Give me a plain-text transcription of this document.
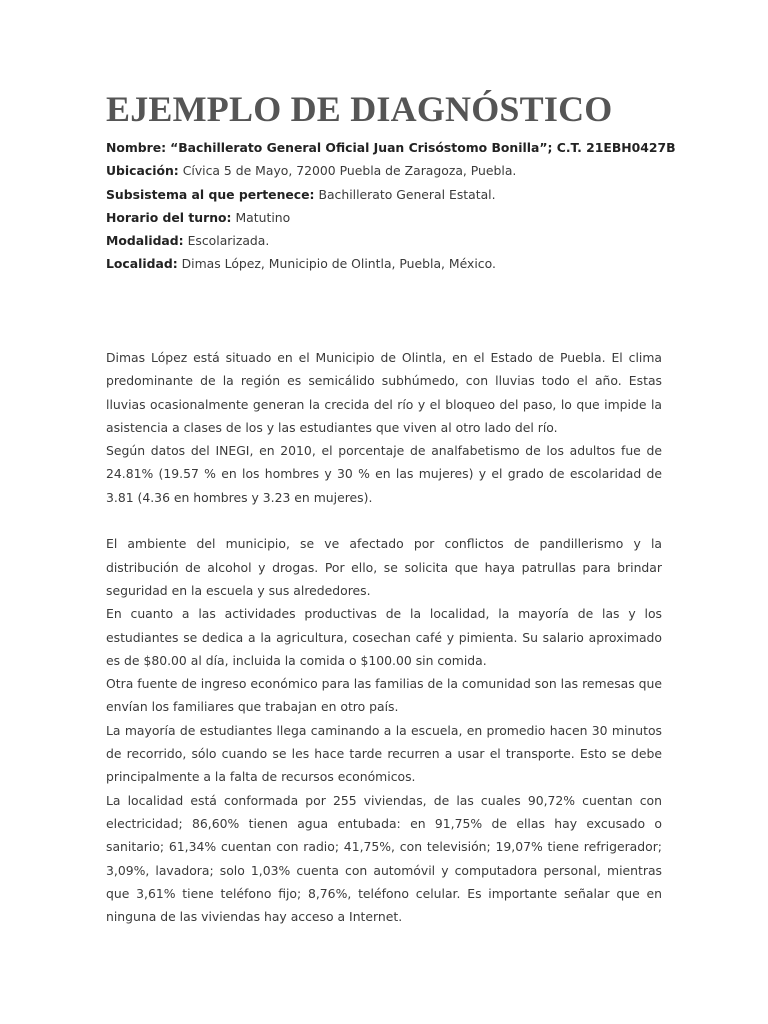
EJEMPLO DE DIAGNÓSTICO

Nombre: “Bachillerato General Oficial Juan Crisóstomo Bonilla”; C.T. 21EBH0427B

Ubicación: Cívica 5 de Mayo, 72000 Puebla de Zaragoza, Puebla.

Subsistema al que pertenece: Bachillerato General Estatal.

Horario del turno: Matutino

Modalidad: Escolarizada.

Localidad: Dimas López, Municipio de Olintla, Puebla, México.

Dimas López está situado en el Municipio de Olintla, en el Estado de Puebla. El clima predominante de la región es semicálido subhúmedo, con lluvias todo el año. Estas lluvias ocasionalmente generan la crecida del río y el bloqueo del paso, lo que impide la asistencia a clases de los y las estudiantes que viven al otro lado del río.

Según datos del INEGI, en 2010, el porcentaje de analfabetismo de los adultos fue de 24.81% (19.57 % en los hombres y 30 % en las mujeres) y el grado de escolaridad de 3.81 (4.36 en hombres y 3.23 en mujeres).

El ambiente del municipio, se ve afectado por conflictos de pandillerismo y la distribución de alcohol y drogas. Por ello, se solicita que haya patrullas para brindar seguridad en la escuela y sus alrededores.

En cuanto a las actividades productivas de la localidad, la mayoría de las y los estudiantes se dedica a la agricultura, cosechan café y pimienta. Su salario aproximado es de $80.00 al día, incluida la comida o $100.00 sin comida.

Otra fuente de ingreso económico para las familias de la comunidad son las remesas que envían los familiares que trabajan en otro país.

La mayoría de estudiantes llega caminando a la escuela, en promedio hacen 30 minutos de recorrido, sólo cuando se les hace tarde recurren a usar el transporte. Esto se debe principalmente a la falta de recursos económicos.

La localidad está conformada por 255 viviendas, de las cuales 90,72% cuentan con electricidad; 86,60% tienen agua entubada: en 91,75% de ellas hay excusado o sanitario; 61,34% cuentan con radio; 41,75%, con televisión; 19,07% tiene refrigerador; 3,09%, lavadora; solo 1,03% cuenta con automóvil y computadora personal, mientras que 3,61% tiene teléfono fijo; 8,76%, teléfono celular. Es importante señalar que en ninguna de las viviendas hay acceso a Internet.
